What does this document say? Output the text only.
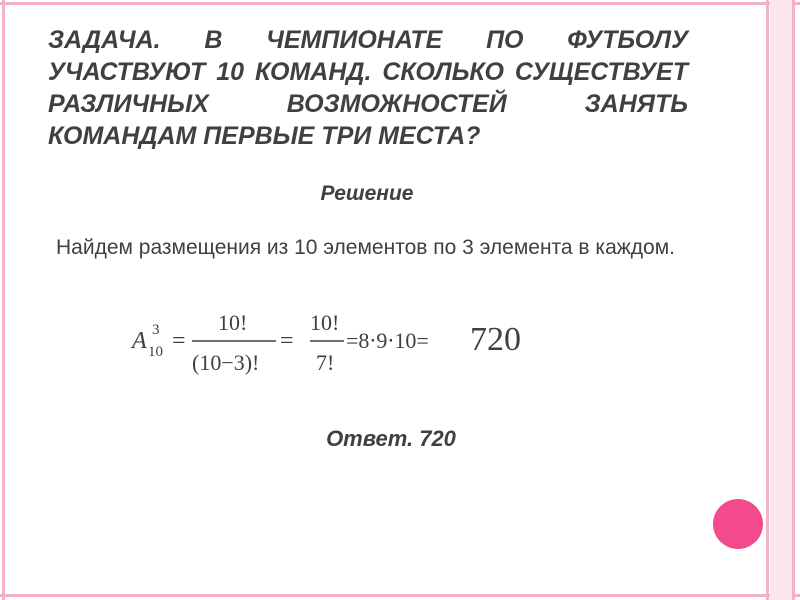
ЗАДАЧА. В ЧЕМПИОНАТЕ ПО ФУТБОЛУ УЧАСТВУЮТ 10 КОМАНД. СКОЛЬКО СУЩЕСТВУЕТ РАЗЛИЧНЫХ ВОЗМОЖНОСТЕЙ ЗАНЯТЬ КОМАНДАМ ПЕРВЫЕ ТРИ МЕСТА?

Решение

Найдем размещения из 10 элементов по 3 элемента в каждом.

A 3
10 =
10!
(10−3)!
=
10!
7!
=8⋅9⋅10= 720

Ответ. 720
